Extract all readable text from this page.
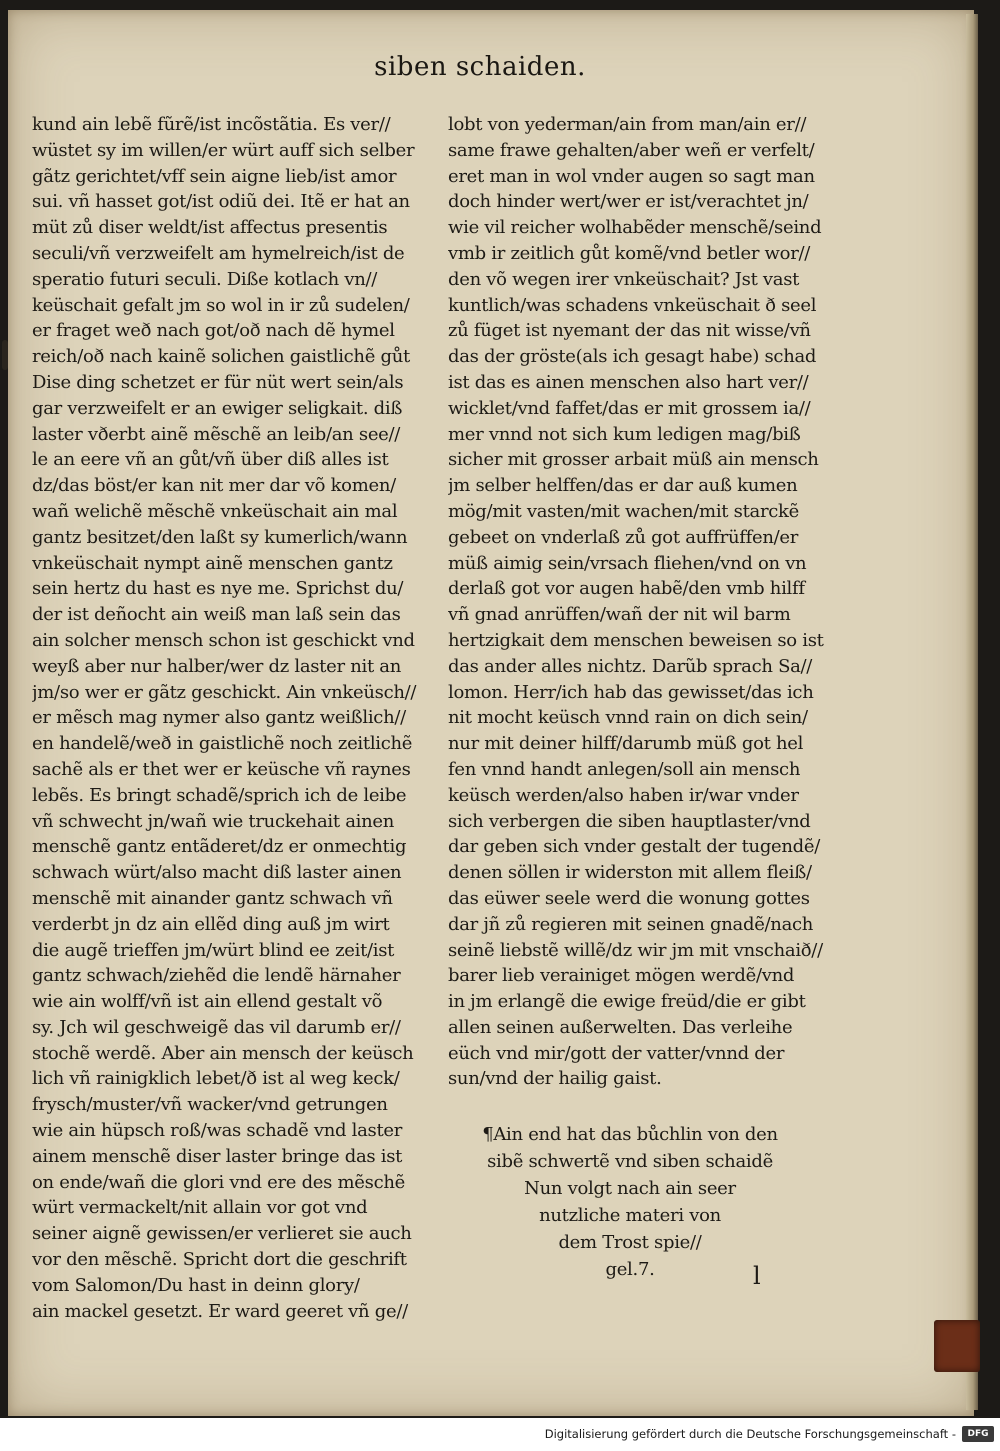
siben schaiden.
kund ain lebẽ fũrẽ/ist incõstãtia. Es ver//
wüstet sy im willen/er würt auff sich selber
gãtz gerichtet/vff sein aigne lieb/ist amor
sui. vñ hasset got/ist odiũ dei. Itẽ er hat an
müt zů diser weldt/ist affectus presentis
seculi/vñ verzweifelt am hymelreich/ist de
speratio futuri seculi. Diße kotlach vn//
keüschait gefalt jm so wol in ir zů sudelen/
er fraget weð nach got/oð nach dẽ hymel
reich/oð nach kainẽ solichen gaistlichẽ gůt
Dise ding schetzet er für nüt wert sein/als
gar verzweifelt er an ewiger seligkait. diß
laster vðerbt ainẽ mẽschẽ an leib/an see//
le an eere vñ an gůt/vñ über diß alles ist
dz/das böst/er kan nit mer dar võ komen/
wañ welichẽ mẽschẽ vnkeüschait ain mal
gantz besitzet/den laßt sy kumerlich/wann
vnkeüschait nympt ainẽ menschen gantz
sein hertz du hast es nye me. Sprichst du/
der ist deñocht ain weiß man laß sein das
ain solcher mensch schon ist geschickt vnd
weyß aber nur halber/wer dz laster nit an
jm/so wer er gãtz geschickt. Ain vnkeüsch//
er mẽsch mag nymer also gantz weißlich//
en handelẽ/weð in gaistlichẽ noch zeitlichẽ
sachẽ als er thet wer er keüsche vñ raynes
lebẽs. Es bringt schadẽ/sprich ich de leibe
vñ schwecht jn/wañ wie truckehait ainen
menschẽ gantz entãderet/dz er onmechtig
schwach würt/also macht diß laster ainen
menschẽ mit ainander gantz schwach vñ
verderbt jn dz ain ellẽd ding auß jm wirt
die augẽ trieffen jm/würt blind ee zeit/ist
gantz schwach/ziehẽd die lendẽ härnaher
wie ain wolff/vñ ist ain ellend gestalt võ
sy. Jch wil geschweigẽ das vil darumb er//
stochẽ werdẽ. Aber ain mensch der keüsch
lich vñ rainigklich lebet/ð ist al weg keck/
frysch/muster/vñ wacker/vnd getrungen
wie ain hüpsch roß/was schadẽ vnd laster
ainem menschẽ diser laster bringe das ist
on ende/wañ die glori vnd ere des mẽschẽ
würt vermackelt/nit allain vor got vnd
seiner aignẽ gewissen/er verlieret sie auch
vor den mẽschẽ. Spricht dort die geschrift
vom Salomon/Du hast in deinn glory/
ain mackel gesetzt. Er ward geeret vñ ge//
lobt von yederman/ain from man/ain er//
same frawe gehalten/aber weñ er verfelt/
eret man in wol vnder augen so sagt man
doch hinder wert/wer er ist/verachtet jn/
wie vil reicher wolhabẽder menschẽ/seind
vmb ir zeitlich gůt komẽ/vnd betler wor//
den võ wegen irer vnkeüschait? Jst vast
kuntlich/was schadens vnkeüschait ð seel
zů füget ist nyemant der das nit wisse/vñ
das der gröste(als ich gesagt habe) schad
ist das es ainen menschen also hart ver//
wicklet/vnd faffet/das er mit grossem ia//
mer vnnd not sich kum ledigen mag/biß
sicher mit grosser arbait müß ain mensch
jm selber helffen/das er dar auß kumen
mög/mit vasten/mit wachen/mit starckẽ
gebeet on vnderlaß zů got auffrüffen/er
müß aimig sein/vrsach fliehen/vnd on vn
derlaß got vor augen habẽ/den vmb hilff
vñ gnad anrüffen/wañ der nit wil barm
hertzigkait dem menschen beweisen so ist
das ander alles nichtz. Darũb sprach Sa//
lomon. Herr/ich hab das gewisset/das ich
nit mocht keüsch vnnd rain on dich sein/
nur mit deiner hilff/darumb müß got hel
fen vnnd handt anlegen/soll ain mensch
keüsch werden/also haben ir/war vnder
sich verbergen die siben hauptlaster/vnd
dar geben sich vnder gestalt der tugendẽ/
denen söllen ir widerston mit allem fleiß/
das eüwer seele werd die wonung gottes
dar jñ zů regieren mit seinen gnadẽ/nach
seinẽ liebstẽ willẽ/dz wir jm mit vnschaið//
barer lieb verainiget mögen werdẽ/vnd
in jm erlangẽ die ewige freüd/die er gibt
allen seinen außerwelten. Das verleihe
eüch vnd mir/gott der vatter/vnnd der
sun/vnd der hailig gaist.
¶Ain end hat das bůchlin von den
sibẽ schwertẽ vnd siben schaidẽ
Nun volgt nach ain seer
nutzliche materi von
dem Trost spie//
gel.7.	l
Digitalisierung gefördert durch die Deutsche Forschungsgemeinschaft -	DFG
